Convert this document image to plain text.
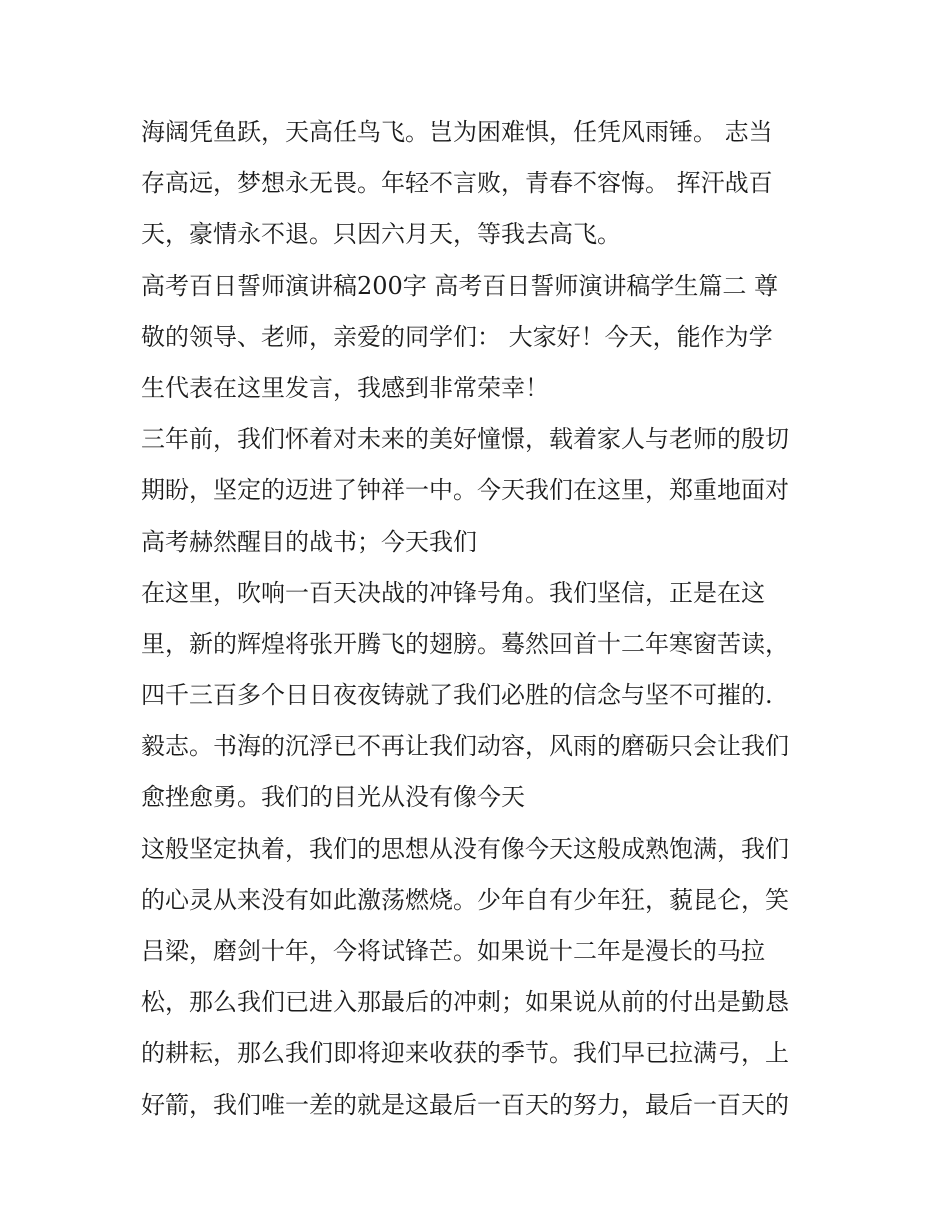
海阔凭鱼跃，天高任鸟飞。岂为困难惧，任凭风雨锤。 志当
存高远，梦想永无畏。年轻不言败，青春不容悔。 挥汗战百
天，豪情永不退。只因六月天，等我去高飞。
高考百日誓师演讲稿200字 高考百日誓师演讲稿学生篇二 尊
敬的领导、老师，亲爱的同学们： 大家好！今天，能作为学
生代表在这里发言，我感到非常荣幸！
三年前，我们怀着对未来的美好憧憬，载着家人与老师的殷切
期盼，坚定的迈进了钟祥一中。今天我们在这里，郑重地面对
高考赫然醒目的战书；今天我们
在这里，吹响一百天决战的冲锋号角。我们坚信，正是在这
里，新的辉煌将张开腾飞的翅膀。蓦然回首十二年寒窗苦读，
四千三百多个日日夜夜铸就了我们必胜的信念与坚不可摧的.
毅志。书海的沉浮已不再让我们动容，风雨的磨砺只会让我们
愈挫愈勇。我们的目光从没有像今天
这般坚定执着，我们的思想从没有像今天这般成熟饱满，我们
的心灵从来没有如此激荡燃烧。少年自有少年狂，藐昆仑，笑
吕梁，磨剑十年，今将试锋芒。如果说十二年是漫长的马拉
松，那么我们已进入那最后的冲刺；如果说从前的付出是勤恳
的耕耘，那么我们即将迎来收获的季节。我们早已拉满弓，上
好箭，我们唯一差的就是这最后一百天的努力，最后一百天的
